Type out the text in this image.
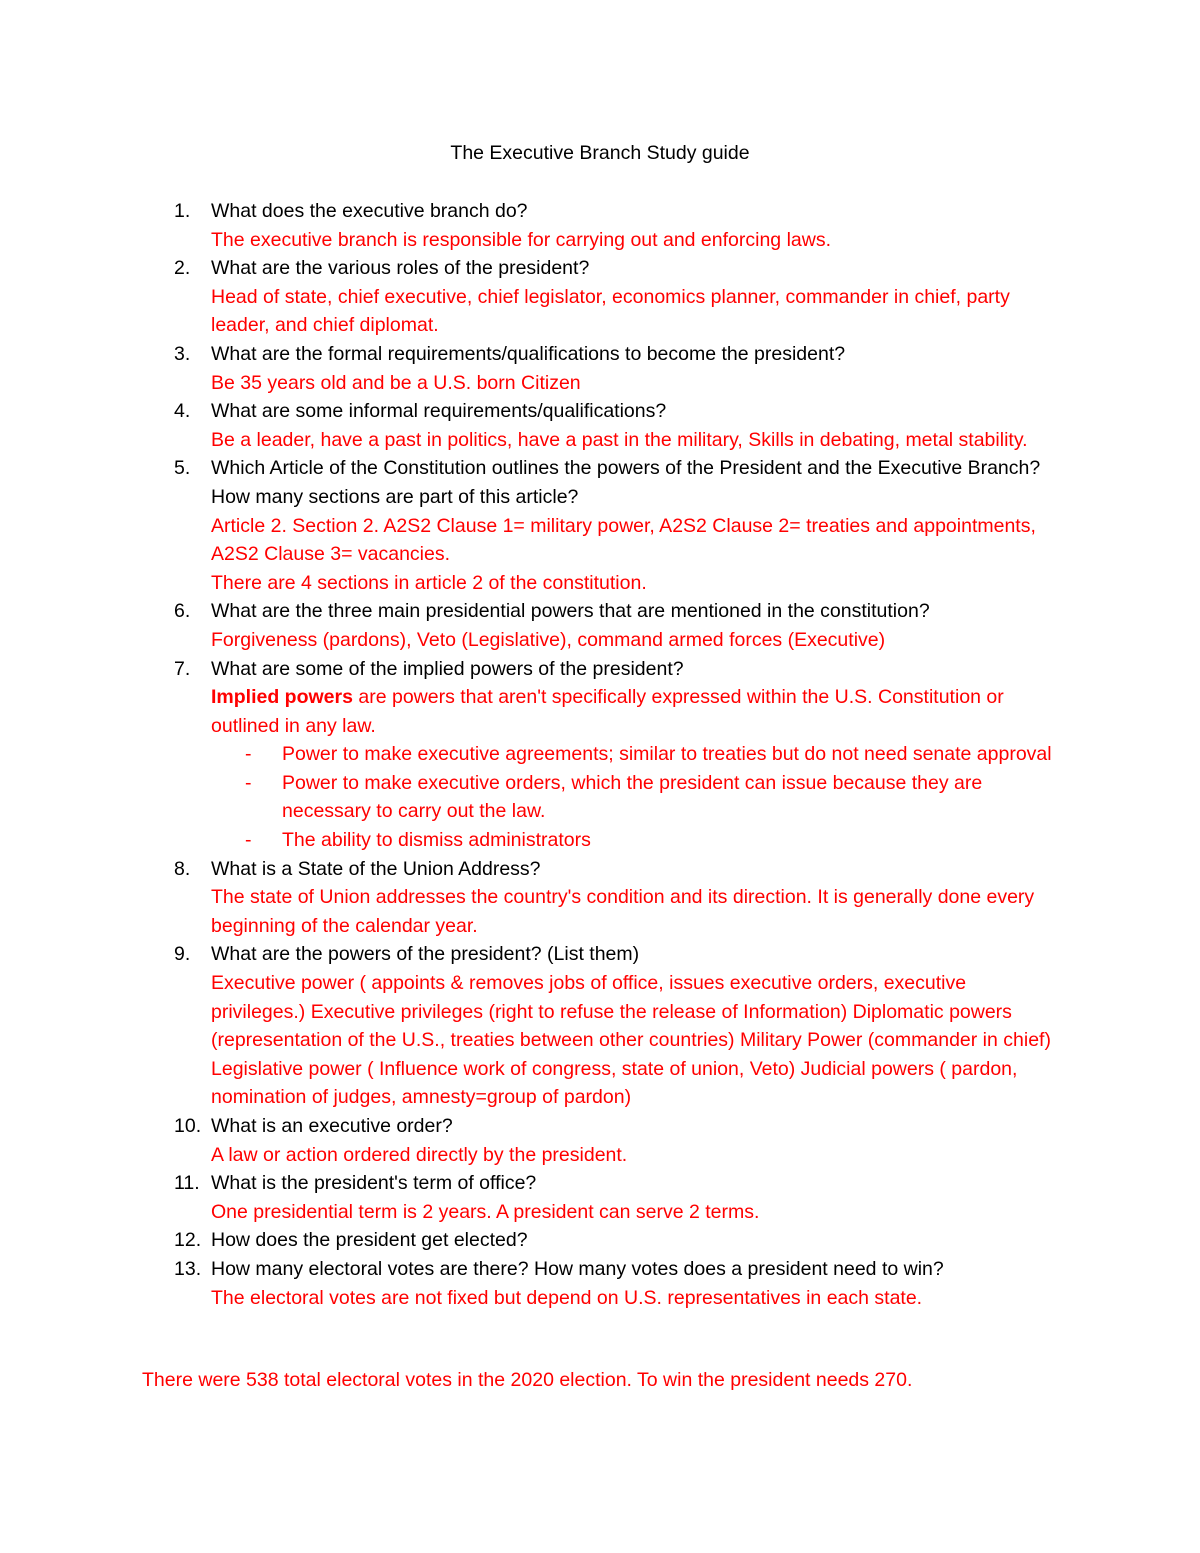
The Executive Branch Study guide
1. What does the executive branch do?
The executive branch is responsible for carrying out and enforcing laws.
2. What are the various roles of the president?
Head of state, chief executive, chief legislator, economics planner, commander in chief, party leader, and chief diplomat.
3. What are the formal requirements/qualifications to become the president?
Be 35 years old and be a U.S. born Citizen
4. What are some informal requirements/qualifications?
Be a leader, have a past in politics, have a past in the military, Skills in debating, metal stability.
5. Which Article of the Constitution outlines the powers of the President and the Executive Branch? How many sections are part of this article?
Article 2. Section 2. A2S2 Clause 1= military power, A2S2 Clause 2= treaties and appointments, A2S2 Clause 3= vacancies.
There are 4 sections in article 2 of the constitution.
6. What are the three main presidential powers that are mentioned in the constitution?
Forgiveness (pardons), Veto (Legislative), command armed forces (Executive)
7. What are some of the implied powers of the president?
Implied powers are powers that aren't specifically expressed within the U.S. Constitution or outlined in any law.
- Power to make executive agreements; similar to treaties but do not need senate approval
- Power to make executive orders, which the president can issue because they are necessary to carry out the law.
- The ability to dismiss administrators
8. What is a State of the Union Address?
The state of Union addresses the country's condition and its direction. It is generally done every beginning of the calendar year.
9. What are the powers of the president? (List them)
Executive power ( appoints & removes jobs of office, issues executive orders, executive privileges.) Executive privileges (right to refuse the release of Information) Diplomatic powers (representation of the U.S., treaties between other countries) Military Power (commander in chief) Legislative power ( Influence work of congress, state of union, Veto) Judicial powers ( pardon, nomination of judges, amnesty=group of pardon)
10. What is an executive order?
A law or action ordered directly by the president.
11. What is the president's term of office?
One presidential term is 2 years. A president can serve 2 terms.
12. How does the president get elected?
13. How many electoral votes are there? How many votes does a president need to win?
The electoral votes are not fixed but depend on U.S. representatives in each state.
There were 538 total electoral votes in the 2020 election. To win the president needs 270.
